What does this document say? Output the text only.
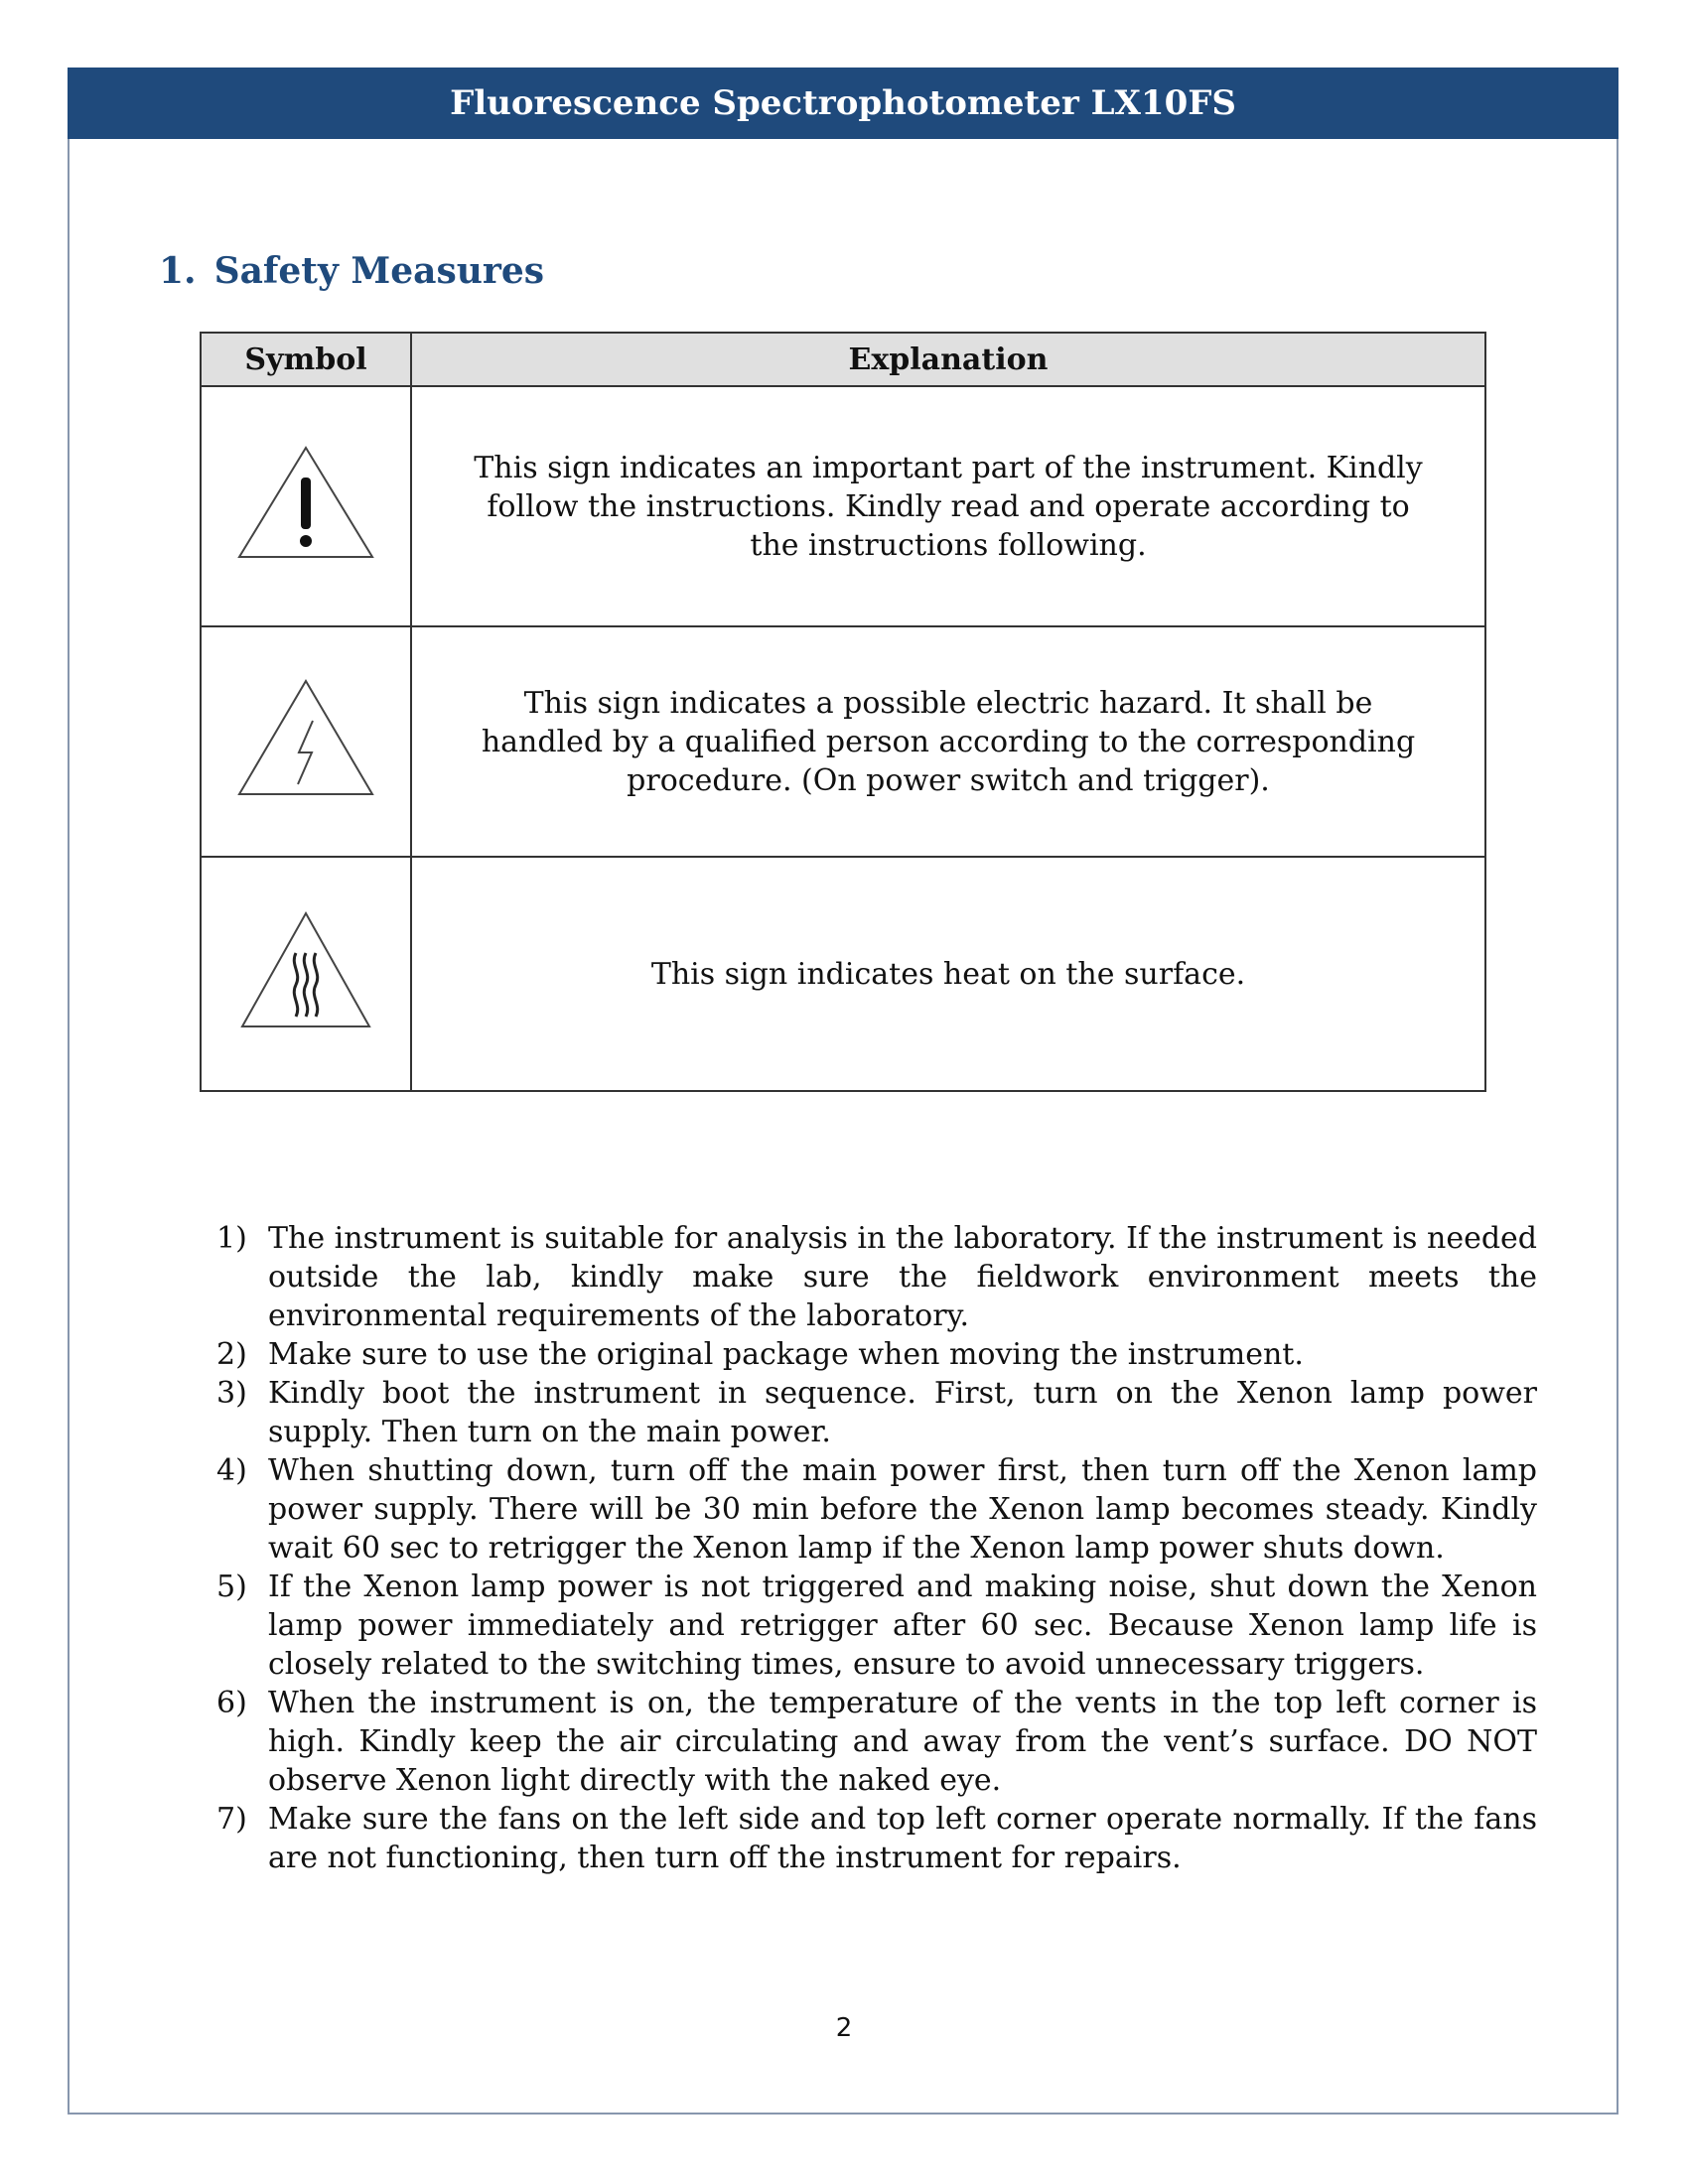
Fluorescence Spectrophotometer LX10FS
1. Safety Measures
Symbol	Explanation
	This sign indicates an important part of the instrument. Kindly follow the instructions. Kindly read and operate according to the instructions following.
	This sign indicates a possible electric hazard. It shall be handled by a qualified person according to the corresponding procedure. (On power switch and trigger).
	This sign indicates heat on the surface.
1) The instrument is suitable for analysis in the laboratory. If the instrument is needed outside the lab, kindly make sure the fieldwork environment meets the environmental requirements of the laboratory.
2) Make sure to use the original package when moving the instrument.
3) Kindly boot the instrument in sequence. First, turn on the Xenon lamp power supply. Then turn on the main power.
4) When shutting down, turn off the main power first, then turn off the Xenon lamp power supply. There will be 30 min before the Xenon lamp becomes steady. Kindly wait 60 sec to retrigger the Xenon lamp if the Xenon lamp power shuts down.
5) If the Xenon lamp power is not triggered and making noise, shut down the Xenon lamp power immediately and retrigger after 60 sec. Because Xenon lamp life is closely related to the switching times, ensure to avoid unnecessary triggers.
6) When the instrument is on, the temperature of the vents in the top left corner is high. Kindly keep the air circulating and away from the vent’s surface. DO NOT observe Xenon light directly with the naked eye.
7) Make sure the fans on the left side and top left corner operate normally. If the fans are not functioning, then turn off the instrument for repairs.
2
